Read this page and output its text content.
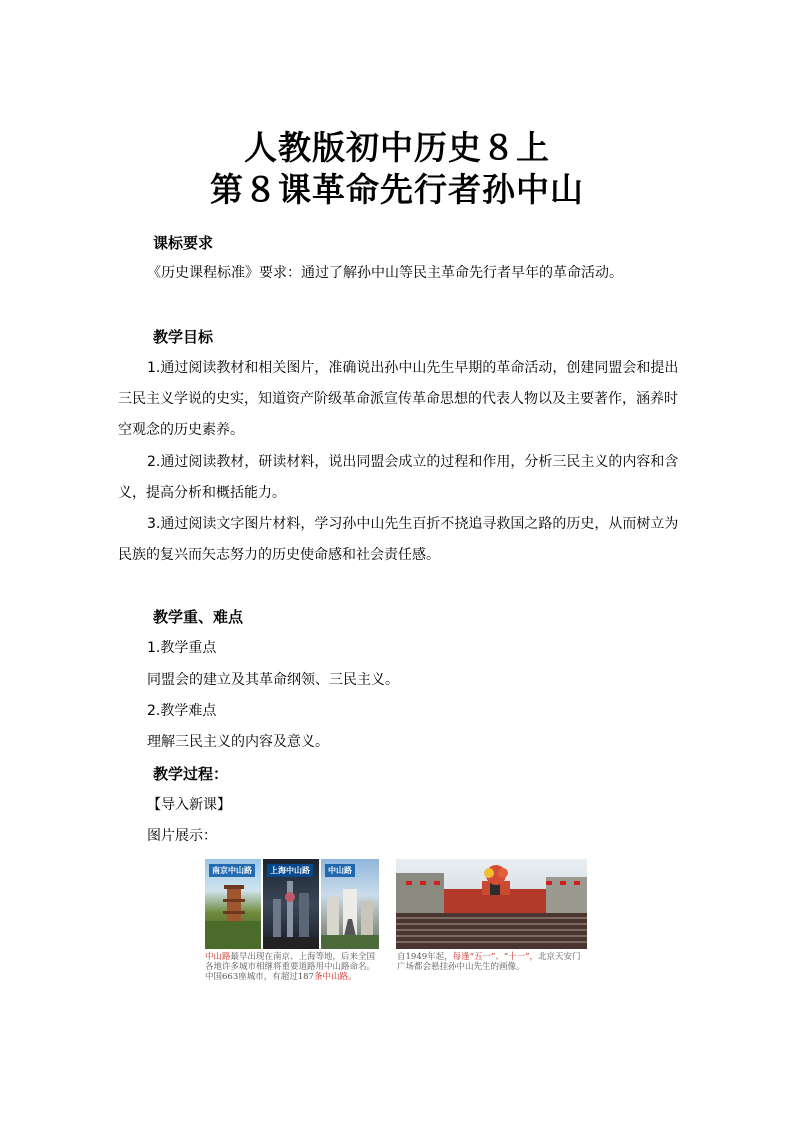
人教版初中历史８上
第８课革命先行者孙中山
课标要求
《历史课程标准》要求：通过了解孙中山等民主革命先行者早年的革命活动。
教学目标
1.通过阅读教材和相关图片，准确说出孙中山先生早期的革命活动，创建同盟会和提出
三民主义学说的史实，知道资产阶级革命派宣传革命思想的代表人物以及主要著作，涵养时
空观念的历史素养。
2.通过阅读教材，研读材料，说出同盟会成立的过程和作用，分析三民主义的内容和含
义，提高分析和概括能力。
3.通过阅读文字图片材料，学习孙中山先生百折不挠追寻救国之路的历史，从而树立为
民族的复兴而矢志努力的历史使命感和社会责任感。
教学重、难点
1.教学重点
同盟会的建立及其革命纲领、三民主义。
2.教学难点
理解三民主义的内容及意义。
教学过程：
【导入新课】
图片展示：
南京中山路	上海中山路	中山路
中山路最早出现在南京、上海等地，后来全国各地许多城市相继将重要道路用中山路命名。中国663座城市，有超过187条中山路。
自1949年起，每逢“五一”、“十一”，北京天安门广场都会悬挂孙中山先生的画像。
